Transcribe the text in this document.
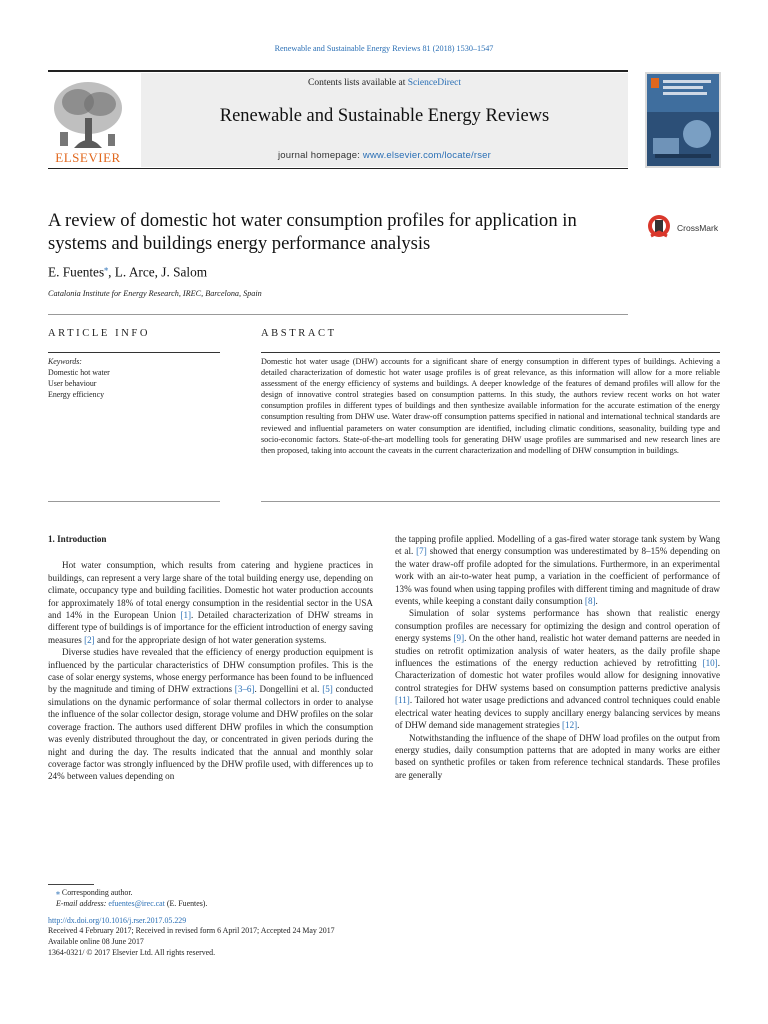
Renewable and Sustainable Energy Reviews 81 (2018) 1530–1547
ELSEVIER
Contents lists available at ScienceDirect
Renewable and Sustainable Energy Reviews
journal homepage: www.elsevier.com/locate/rser
A review of domestic hot water consumption profiles for application in systems and buildings energy performance analysis
CrossMark
E. Fuentes⁎, L. Arce, J. Salom
Catalonia Institute for Energy Research, IREC, Barcelona, Spain
ARTICLE INFO	ABSTRACT
Keywords:
Domestic hot water
User behaviour
Energy efficiency
Domestic hot water usage (DHW) accounts for a significant share of energy consumption in different types of buildings. Achieving a detailed characterization of domestic hot water usage profiles is of great relevance, as this information will allow for a more reliable assessment of the energy efficiency of systems and buildings. A deeper knowledge of the features of demand profiles will allow for the design of innovative control strategies based on consumption patterns. In this study, the authors review recent works on hot water consumption profiles in different types of buildings and then synthesize available information for the accurate estimation of the energy consumption resulting from DHW use. Water draw-off consumption patterns specified in national and international technical standards are reviewed and influential parameters on water consumption are identified, including climatic conditions, seasonality, building type and socio-economic factors. State-of-the-art modelling tools for generating DHW usage profiles are summarised and new research lines are then proposed, taking into account the caveats in the current characterization and modelling of DHW consumption in buildings.

1. Introduction

Hot water consumption, which results from catering and hygiene practices in buildings, can represent a very large share of the total building energy use, depending on climate, occupancy type and building facilities. Domestic hot water production accounts for approximately 18% of total energy consumption in the residential sector in the USA and 14% in the European Union [1]. Detailed characterization of DHW streams in different type of buildings is of importance for the efficient introduction of energy saving measures [2] and for the appropriate design of hot water generation systems.

Diverse studies have revealed that the efficiency of energy production equipment is influenced by the particular characteristics of DHW consumption profiles. This is the case of solar energy systems, whose energy performance has been found to be influenced by the magnitude and timing of DHW extractions [3–6]. Dongellini et al. [5] conducted simulations on the dynamic performance of solar thermal collectors in order to analyse the influence of the solar collector design, storage volume and DHW profiles on the solar coverage fraction. The authors used different DHW profiles in which the consumption was evenly distributed throughout the day, or concentrated in given periods during the night and during the day. The results indicated that the annual and monthly solar coverage factor was strongly influenced by the DHW profile used, with differences up to 24% between values depending on

the tapping profile applied. Modelling of a gas-fired water storage tank system by Wang et al. [7] showed that energy consumption was underestimated by 8–15% depending on the water draw-off profile adopted for the simulations. Furthermore, in an experimental work with an air-to-water heat pump, a variation in the coefficient of performance of 13% was found when using tapping profiles with different timing and magnitude of draw events, while keeping a constant daily consumption [8].

Simulation of solar systems performance has shown that realistic energy consumption profiles are necessary for optimizing the design and control operation of energy systems [9]. On the other hand, realistic hot water demand patterns are needed in studies on retrofit optimization analysis of water heaters, as the daily profile shape influences the estimations of the energy reduction achieved by retrofitting [10]. Characterization of domestic hot water profiles would allow for designing innovative control strategies for DHW systems based on consumption patterns predictive analysis [11]. Tailored hot water usage predictions and advanced control techniques could enable electrical water heating devices to supply ancillary energy balancing services by means of DHW demand side management strategies [12].

Notwithstanding the influence of the shape of DHW load profiles on the output from energy studies, daily consumption patterns that are adopted in many works are either based on synthetic profiles or taken from reference technical standards. These profiles are generally

⁎ Corresponding author.
E-mail address: efuentes@irec.cat (E. Fuentes).
http://dx.doi.org/10.1016/j.rser.2017.05.229
Received 4 February 2017; Received in revised form 6 April 2017; Accepted 24 May 2017
Available online 08 June 2017
1364-0321/ © 2017 Elsevier Ltd. All rights reserved.
